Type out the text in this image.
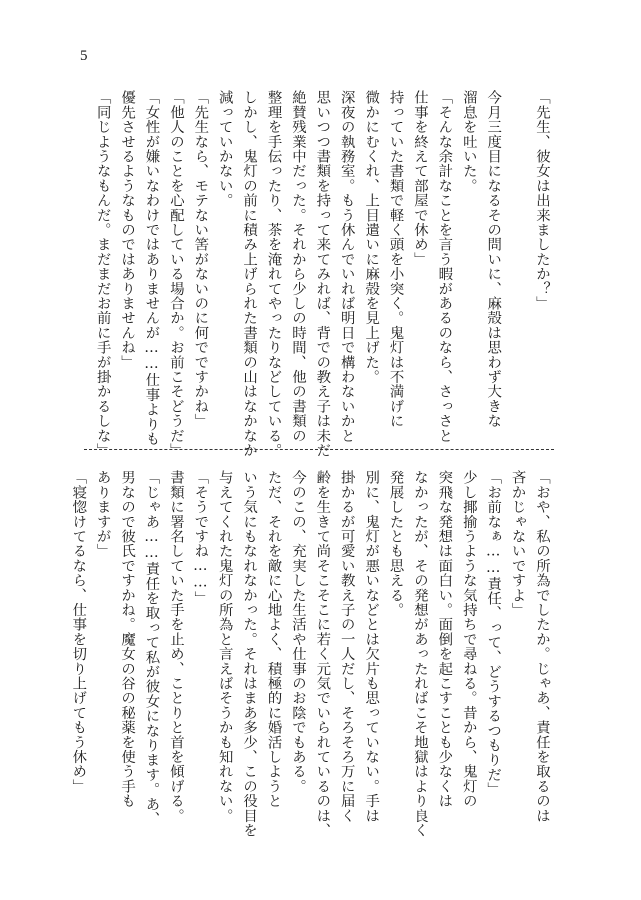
5
「先生、彼女は出来ましたか？」

今月三度目になるその問いに、麻殻は思わず大きな
溜息を吐いた。
「そんな余計なことを言う暇があるのなら、さっさと
仕事を終えて部屋で休め」
持っていた書類で軽く頭を小突く。鬼灯は不満げに
微かにむくれ、上目遣いに麻殻を見上げた。
深夜の執務室。もう休んでいれば明日で構わないかと
思いつつ書類を持って来てみれば、背での教え子は未だ
絶賛残業中だった。それから少しの時間、他の書類の
整理を手伝ったり、茶を淹れてやったりなどしている。
しかし、鬼灯の前に積み上げられた書類の山はなかなか
減っていかない。
「先生なら、モテない筈がないのに何でですかね」
「他人のことを心配している場合か。お前こそどうだ」
「女性が嫌いなわけではありませんが……仕事よりも
優先させるようなものではありませんね」
「同じようなもんだ。まだまだお前に手が掛かるしな」
「おや、私の所為でしたか。じゃあ、責任を取るのは
吝かじゃないですよ」
「お前なぁ……責任、って、どうするつもりだ」
少し揶揄うような気持ちで尋ねる。昔から、鬼灯の
突飛な発想は面白い。面倒を起こすことも少なくは
なかったが、その発想があったればこそ地獄はより良く
発展したとも思える。
別に、鬼灯が悪いなどとは欠片も思っていない。手は
掛かるが可愛い教え子の一人だし、そろそろ万に届く
齢を生きて尚そこそこに若く元気でいられているのは、
今のこの、充実した生活や仕事のお陰でもある。
ただ、それを敵に心地よく、積極的に婚活しようと
いう気にもなれなかった。それはまあ多少、この役目を
与えてくれた鬼灯の所為と言えばそうかも知れない。
「そうですね……」
書類に署名していた手を止め、ことりと首を傾げる。
「じゃあ……責任を取って私が彼女になります。あ、
男なので彼氏ですかね。魔女の谷の秘薬を使う手も
ありますが」
「寝惚けてるなら、仕事を切り上げてもう休め」
